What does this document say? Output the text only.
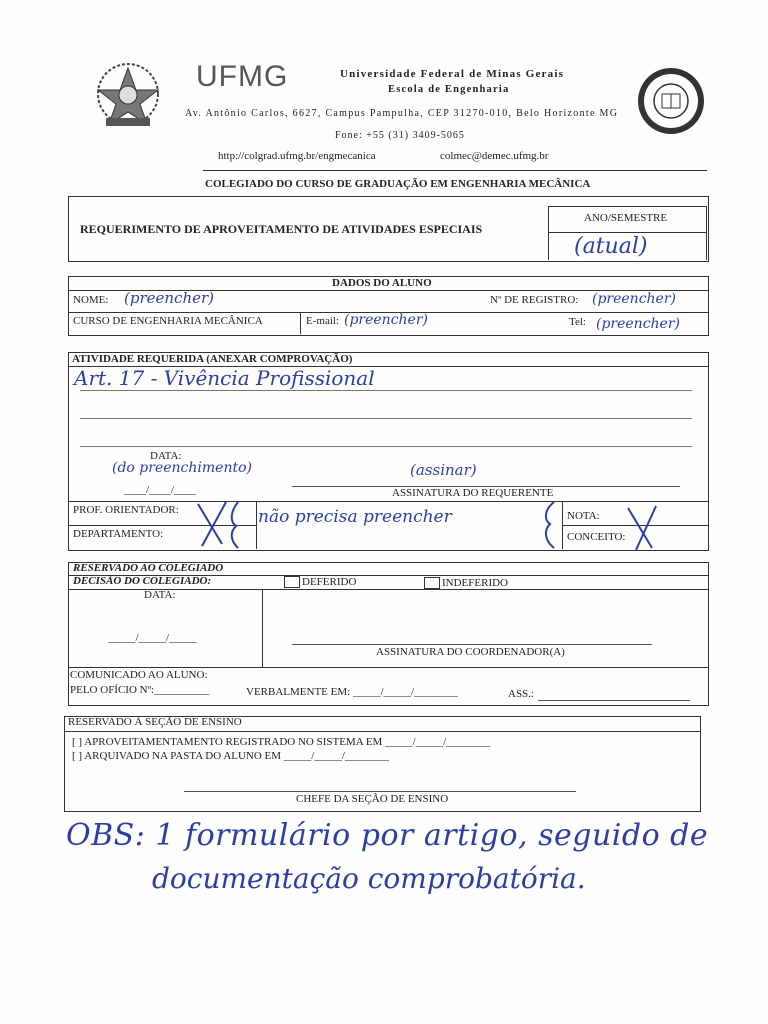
UFMG	Universidade Federal de Minas Gerais
Escola de Engenharia
Av. Antônio Carlos, 6627, Campus Pampulha, CEP 31270-010, Belo Horizonte MG
Fone: +55 (31) 3409-5065
http://colgrad.ufmg.br/engmecanica	colmec@demec.ufmg.br
COLEGIADO DO CURSO DE GRADUAÇÃO EM ENGENHARIA MECÂNICA
REQUERIMENTO DE APROVEITAMENTO DE ATIVIDADES ESPECIAIS
ANO/SEMESTRE
(atual)
DADOS DO ALUNO
NOME: (preencher)	Nº DE REGISTRO: (preencher)
CURSO DE ENGENHARIA MECÂNICA	E-mail: (preencher)	Tel: (preencher)
ATIVIDADE REQUERIDA (ANEXAR COMPROVAÇÃO)
Art. 17 - Vivência Profissional
DATA:
(do preenchimento)
____/____/____
(assinar)
ASSINATURA DO REQUERENTE
PROF. ORIENTADOR:
DEPARTAMENTO:
não precisa preencher	NOTA:
CONCEITO:
RESERVADO AO COLEGIADO
DECISÃO DO COLEGIADO:	DEFERIDO	INDEFERIDO
DATA:
_____/_____/_____
ASSINATURA DO COORDENADOR(A)
COMUNICADO AO ALUNO:
PELO OFÍCIO Nº:__________	VERBALMENTE EM: _____/_____/________	ASS.:
RESERVADO À SEÇÃO DE ENSINO
[ ] APROVEITAMENTAMENTO REGISTRADO NO SISTEMA EM _____/_____/________
[ ] ARQUIVADO NA PASTA DO ALUNO EM _____/_____/________
CHEFE DA SEÇÃO DE ENSINO
OBS: 1 formulário por artigo, seguido de
documentação comprobatória.
